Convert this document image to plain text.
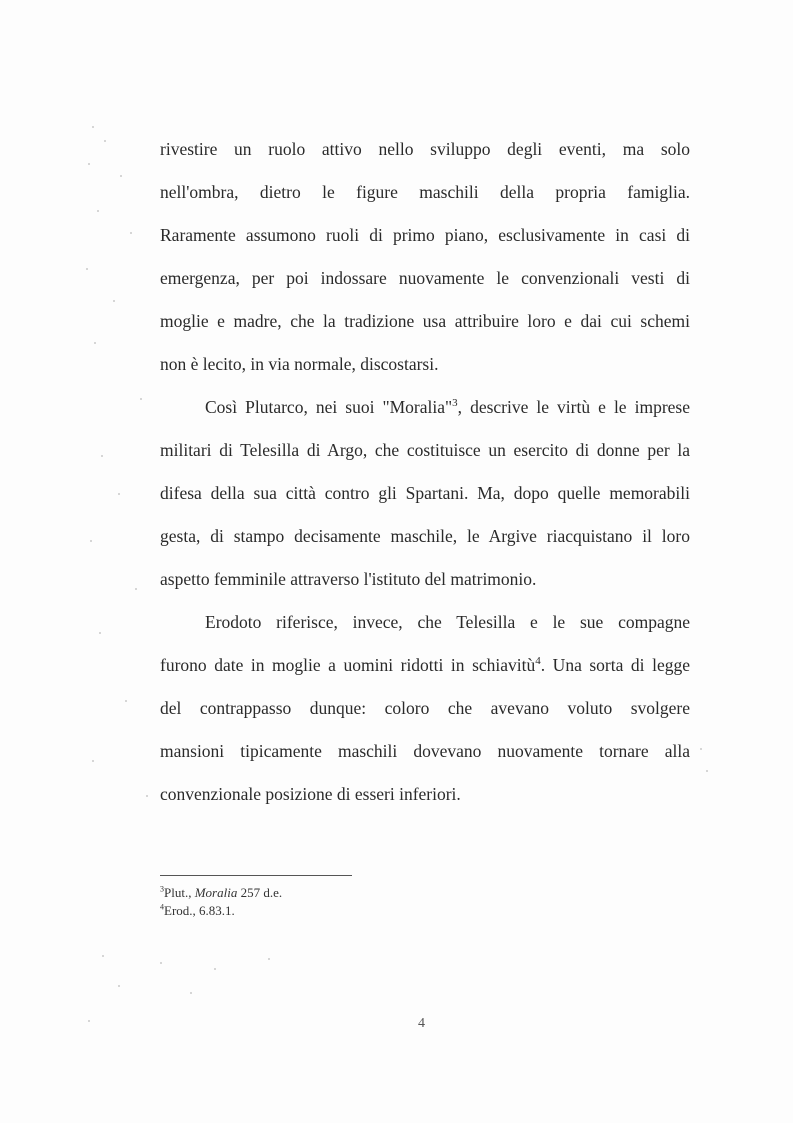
rivestire un ruolo attivo nello sviluppo degli eventi, ma solo
nell'ombra, dietro le figure maschili della propria famiglia.
Raramente assumono ruoli di primo piano, esclusivamente in casi di
emergenza, per poi indossare nuovamente le convenzionali vesti di
moglie e madre, che la tradizione usa attribuire loro e dai cui schemi
non è lecito, in via normale, discostarsi.
Così Plutarco, nei suoi "Moralia"$^3$, descrive le virtù e le imprese
militari di Telesilla di Argo, che costituisce un esercito di donne per la
difesa della sua città contro gli Spartani. Ma, dopo quelle memorabili
gesta, di stampo decisamente maschile, le Argive riacquistano il loro
aspetto femminile attraverso l'istituto del matrimonio.
Erodoto riferisce, invece, che Telesilla e le sue compagne
furono date in moglie a uomini ridotti in schiavitù$^4$. Una sorta di legge
del contrappasso dunque: coloro che avevano voluto svolgere
mansioni tipicamente maschili dovevano nuovamente tornare alla
convenzionale posizione di esseri inferiori.
$^3$Plut., Moralia 257 d.e.
$^4$Erod., 6.83.1.
4
